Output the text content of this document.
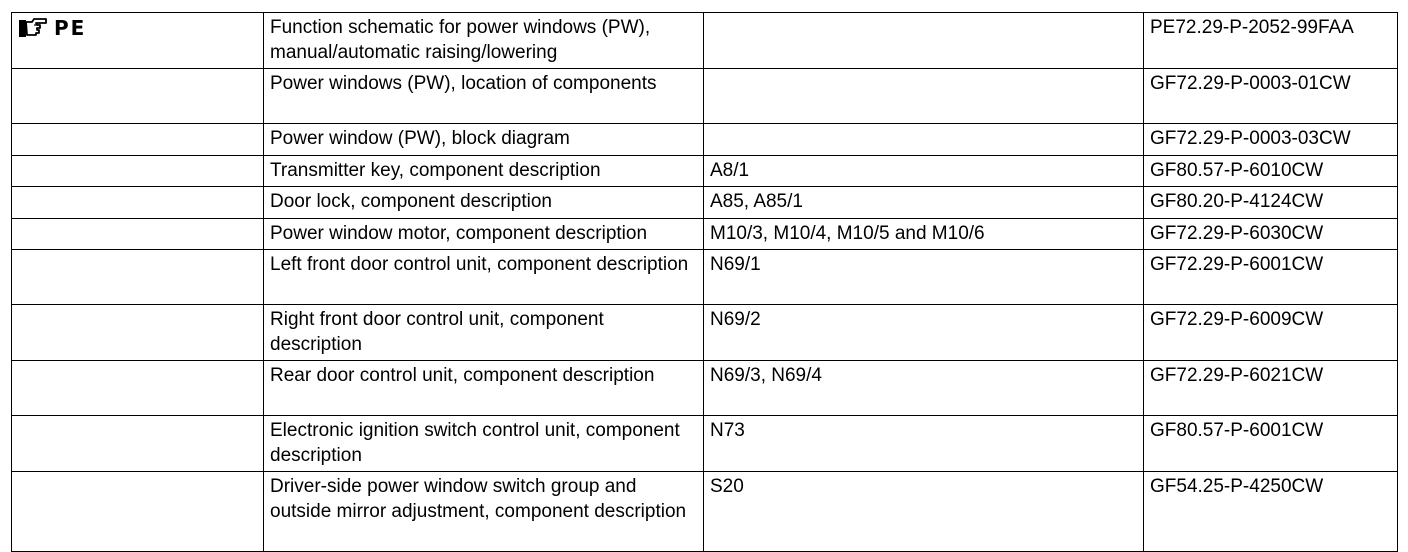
PE	Function schematic for power windows (PW), manual/automatic raising/lowering		PE72.29-P-2052-99FAA
	Power windows (PW), location of components		GF72.29-P-0003-01CW
	Power window (PW), block diagram		GF72.29-P-0003-03CW
	Transmitter key, component description	A8/1	GF80.57-P-6010CW
	Door lock, component description	A85, A85/1	GF80.20-P-4124CW
	Power window motor, component description	M10/3, M10/4, M10/5 and M10/6	GF72.29-P-6030CW
	Left front door control unit, component description	N69/1	GF72.29-P-6001CW
	Right front door control unit, component description	N69/2	GF72.29-P-6009CW
	Rear door control unit, component description	N69/3, N69/4	GF72.29-P-6021CW
	Electronic ignition switch control unit, component description	N73	GF80.57-P-6001CW
	Driver-side power window switch group and outside mirror adjustment, component description	S20	GF54.25-P-4250CW
